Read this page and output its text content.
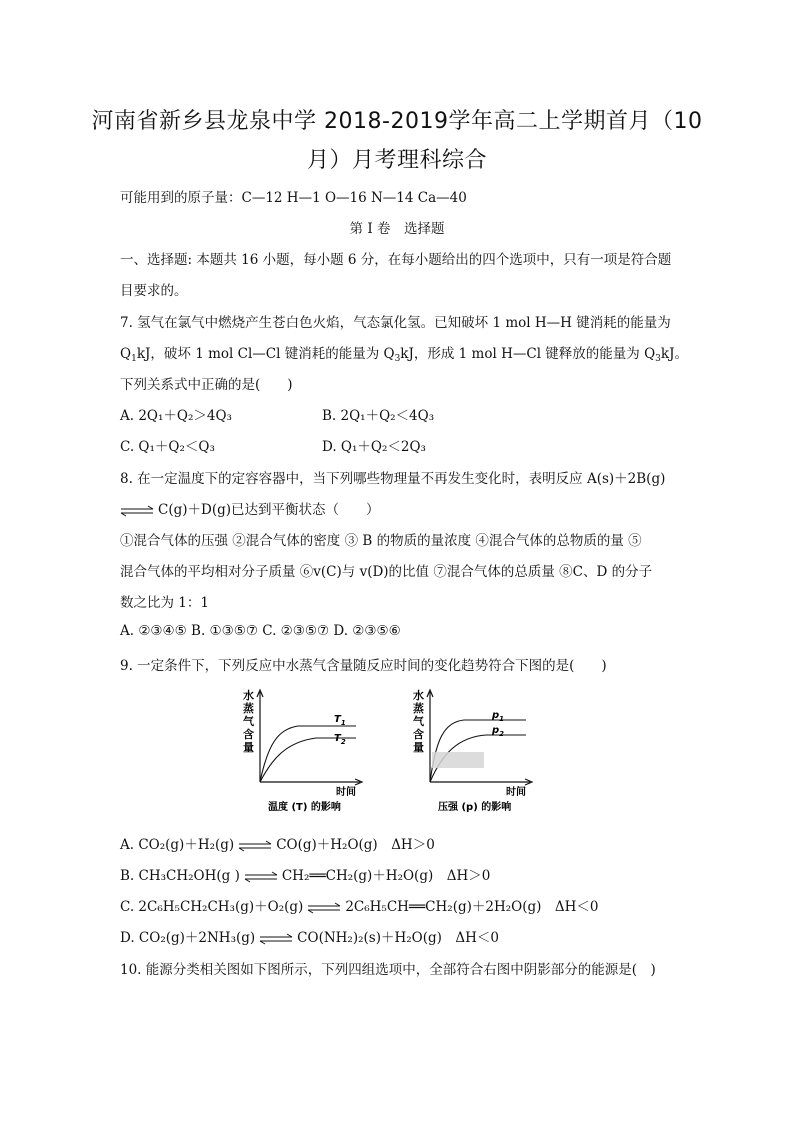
河南省新乡县龙泉中学 2018-2019学年高二上学期首月（10
月）月考理科综合
可能用到的原子量：C—12 H—1 O—16 N—14 Ca—40
第 I 卷　选择题
一、选择题: 本题共 16 小题，每小题 6 分，在每小题给出的四个选项中，只有一项是符合题
目要求的。
7. 氢气在氯气中燃烧产生苍白色火焰，气态氯化氢。已知破坏 1 mol H—H 键消耗的能量为
$Q_1kJ$，破坏 1 mol Cl—Cl 键消耗的能量为 $Q_3kJ$，形成 1 mol H—Cl 键释放的能量为 $Q_3kJ$。
下列关系式中正确的是(　　)
A. 2Q₁＋Q₂＞4Q₃	B. 2Q₁＋Q₂＜4Q₃
C. Q₁＋Q₂＜Q₃	D. Q₁＋Q₂＜2Q₃
8. 在一定温度下的定容容器中，当下列哪些物理量不再发生变化时，表明反应 A(s)＋2B(g)
⇌ C(g)＋D(g)已达到平衡状态（　　）
①混合气体的压强 ②混合气体的密度 ③ B 的物质的量浓度 ④混合气体的总物质的量 ⑤
混合气体的平均相对分子质量 ⑥v(C)与 v(D)的比值 ⑦混合气体的总质量 ⑧C、D 的分子
数之比为 1：1
A. ②③④⑤ B. ①③⑤⑦ C. ②③⑤⑦ D. ②③⑤⑥
9. 一定条件下，下列反应中水蒸气含量随反应时间的变化趋势符合下图的是(　　)
水
蒸
气
含
量
$T_1$
$T_2$
时间
温度 (T) 的影响
水
蒸
气
含
量
$p_1$
$p_2$
时间
压强 (p) 的影响
A. CO₂(g)＋H₂(g) ⇌ CO(g)＋H₂O(g)　ΔH＞0
B. CH₃CH₂OH(g ) ⇌ CH₂══CH₂(g)＋H₂O(g)　ΔH＞0
C. 2C₆H₅CH₂CH₃(g)＋O₂(g) ⇌ 2C₆H₅CH══CH₂(g)＋2H₂O(g)　ΔH＜0
D. CO₂(g)＋2NH₃(g) ⇌ CO(NH₂)₂(s)＋H₂O(g)　ΔH＜0
10. 能源分类相关图如下图所示，下列四组选项中，全部符合右图中阴影部分的能源是(　)
